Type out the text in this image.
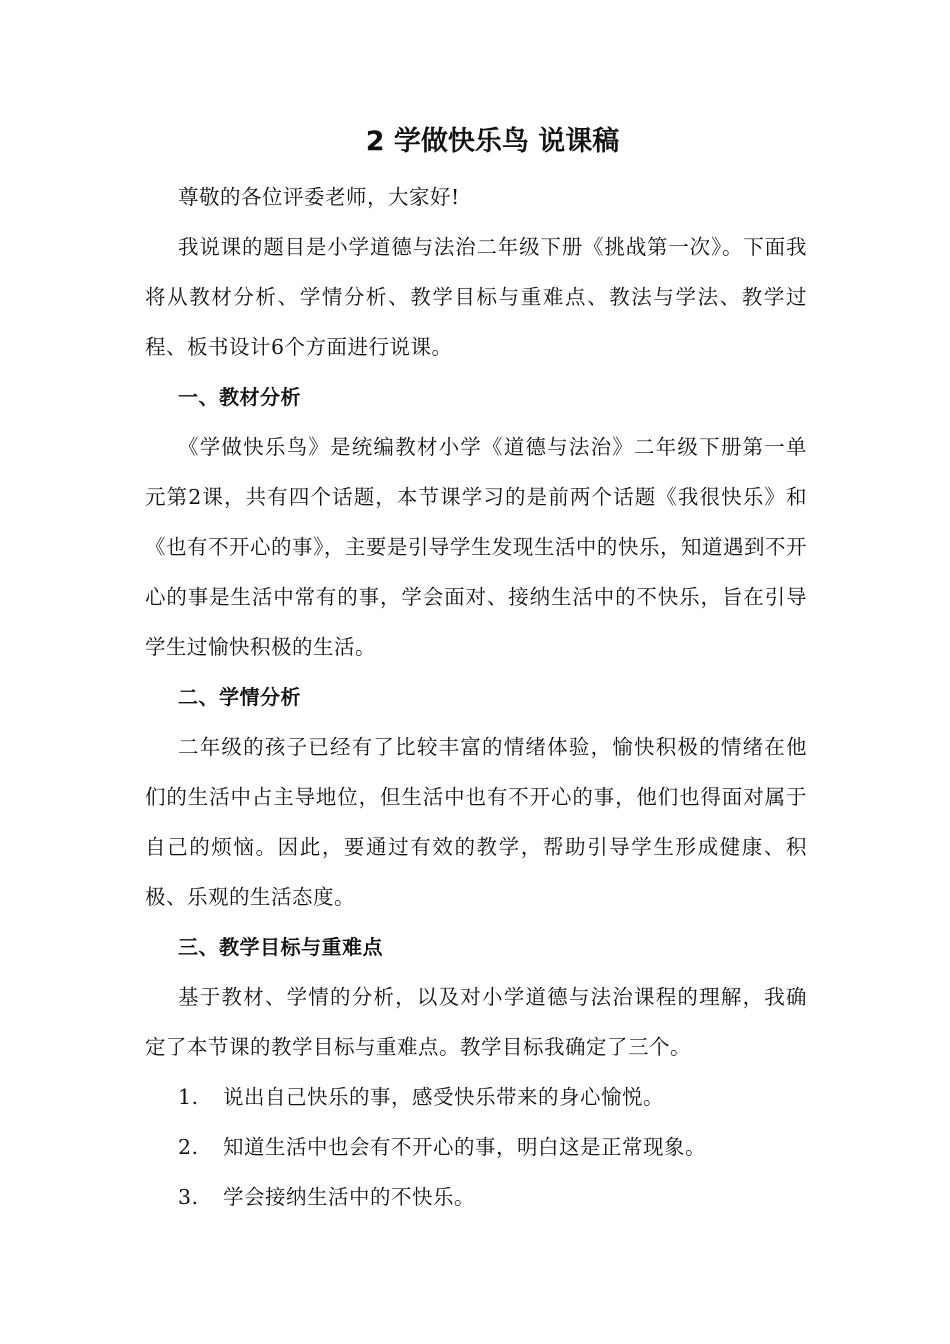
2 学做快乐鸟 说课稿

尊敬的各位评委老师，大家好!

我说课的题目是小学道德与法治二年级下册《挑战第一次》。下面我将从教材分析、学情分析、教学目标与重难点、教法与学法、教学过程、板书设计6个方面进行说课。

一、教材分析

《学做快乐鸟》是统编教材小学《道德与法治》二年级下册第一单元第2课，共有四个话题，本节课学习的是前两个话题《我很快乐》和《也有不开心的事》，主要是引导学生发现生活中的快乐，知道遇到不开心的事是生活中常有的事，学会面对、接纳生活中的不快乐，旨在引导学生过愉快积极的生活。

二、学情分析

二年级的孩子已经有了比较丰富的情绪体验，愉快积极的情绪在他们的生活中占主导地位，但生活中也有不开心的事，他们也得面对属于自己的烦恼。因此，要通过有效的教学，帮助引导学生形成健康、积极、乐观的生活态度。

三、教学目标与重难点

基于教材、学情的分析，以及对小学道德与法治课程的理解，我确定了本节课的教学目标与重难点。教学目标我确定了三个。

1. 说出自己快乐的事，感受快乐带来的身心愉悦。
2. 知道生活中也会有不开心的事，明白这是正常现象。
3. 学会接纳生活中的不快乐。
